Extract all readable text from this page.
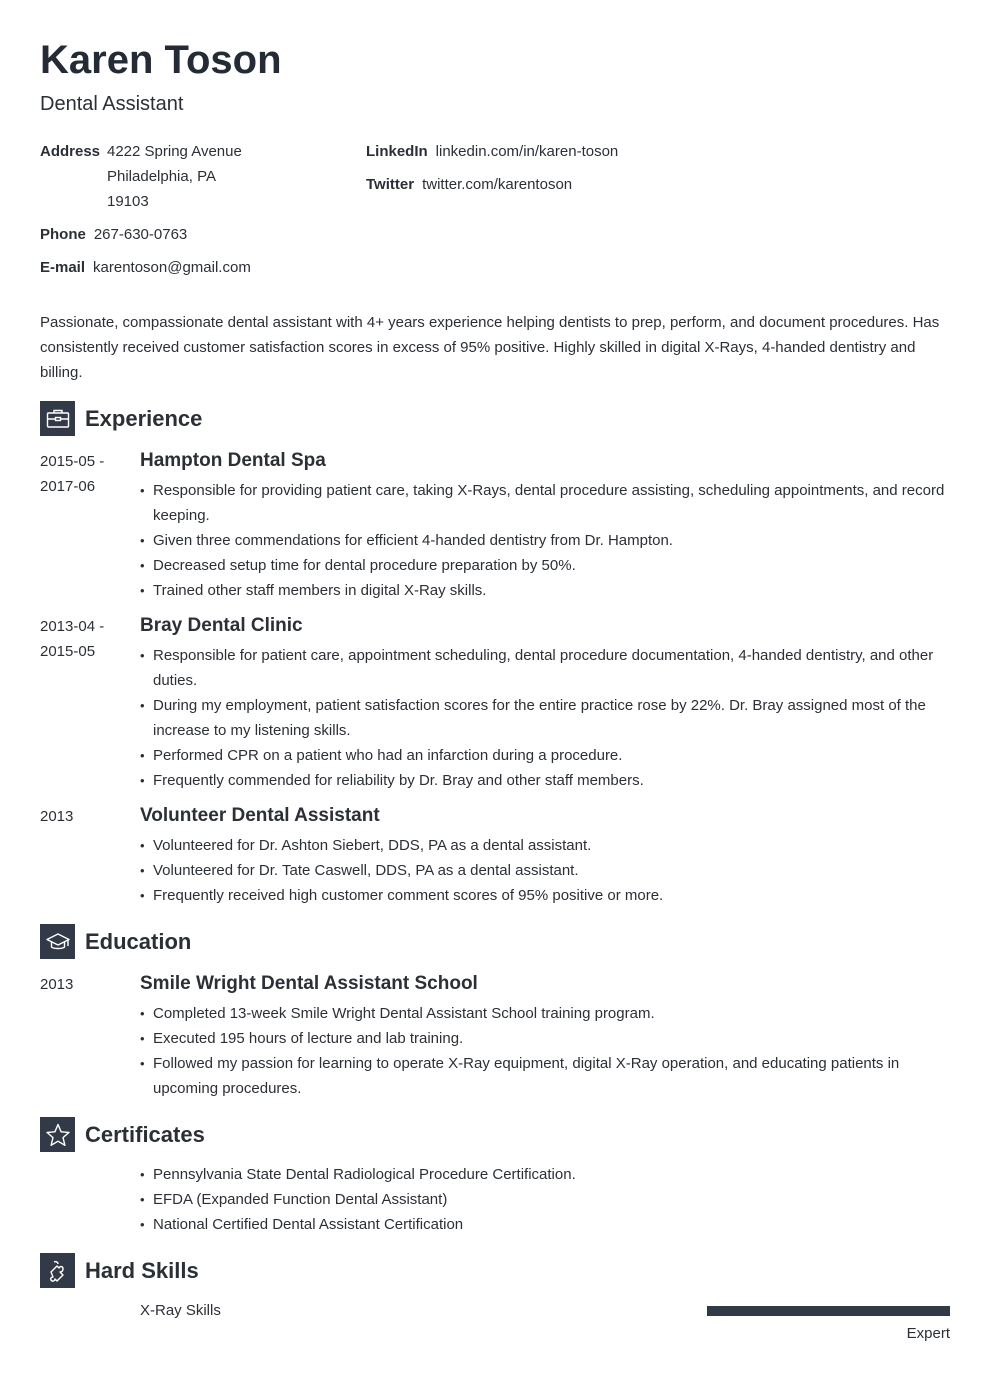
Karen Toson
Dental Assistant
Address 4222 Spring Avenue
Philadelphia, PA
19103
Phone 267-630-0763
E-mail karentoson@gmail.com
LinkedIn linkedin.com/in/karen-toson
Twitter twitter.com/karentoson

Passionate, compassionate dental assistant with 4+ years experience helping dentists to prep, perform, and document procedures. Has consistently received customer satisfaction scores in excess of 95% positive. Highly skilled in digital X-Rays, 4-handed dentistry and billing.

Experience
2015-05 - 2017-06
Hampton Dental Spa
• Responsible for providing patient care, taking X-Rays, dental procedure assisting, scheduling appointments, and record keeping.
• Given three commendations for efficient 4-handed dentistry from Dr. Hampton.
• Decreased setup time for dental procedure preparation by 50%.
• Trained other staff members in digital X-Ray skills.
2013-04 - 2015-05
Bray Dental Clinic
• Responsible for patient care, appointment scheduling, dental procedure documentation, 4-handed dentistry, and other duties.
• During my employment, patient satisfaction scores for the entire practice rose by 22%. Dr. Bray assigned most of the increase to my listening skills.
• Performed CPR on a patient who had an infarction during a procedure.
• Frequently commended for reliability by Dr. Bray and other staff members.
2013	Volunteer Dental Assistant
• Volunteered for Dr. Ashton Siebert, DDS, PA as a dental assistant.
• Volunteered for Dr. Tate Caswell, DDS, PA as a dental assistant.
• Frequently received high customer comment scores of 95% positive or more.
Education
2013	Smile Wright Dental Assistant School
• Completed 13-week Smile Wright Dental Assistant School training program.
• Executed 195 hours of lecture and lab training.
• Followed my passion for learning to operate X-Ray equipment, digital X-Ray operation, and educating patients in upcoming procedures.
Certificates
• Pennsylvania State Dental Radiological Procedure Certification.
• EFDA (Expanded Function Dental Assistant)
• National Certified Dental Assistant Certification
Hard Skills
X-Ray Skills
Expert
